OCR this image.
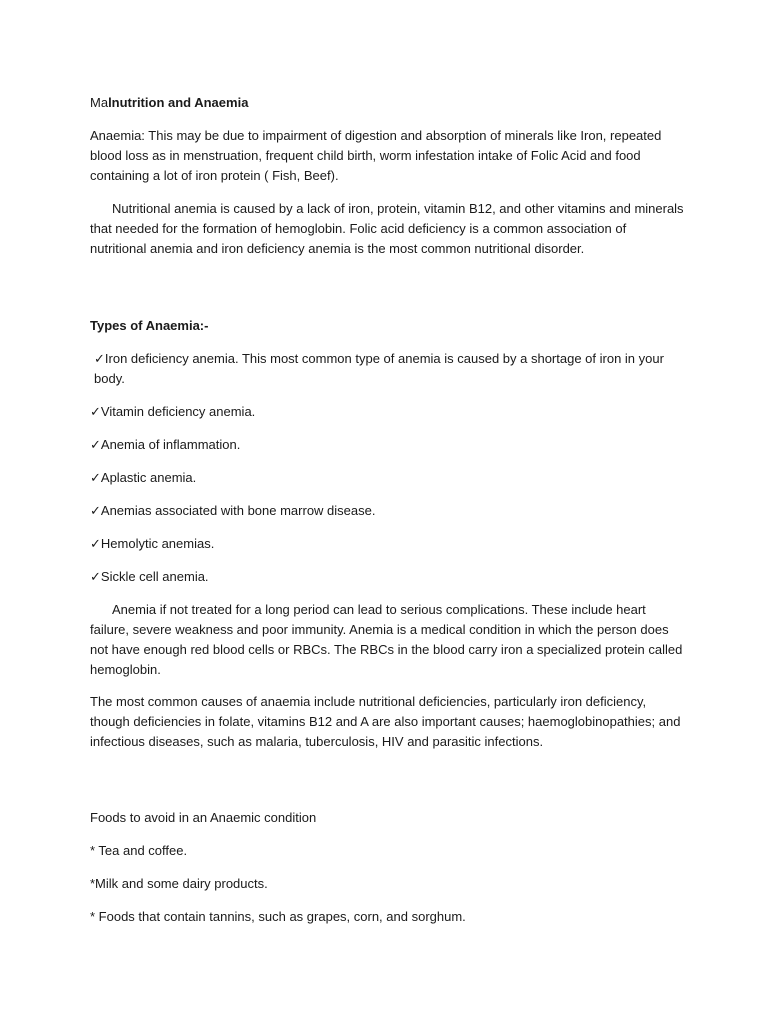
Malnutrition and Anaemia

Anaemia: This may be due to impairment of digestion and absorption of minerals like Iron, repeated blood loss as in menstruation, frequent child birth, worm infestation intake of Folic Acid and food containing a lot of iron protein ( Fish, Beef).

Nutritional anemia is caused by a lack of iron, protein, vitamin B12, and other vitamins and minerals that needed for the formation of hemoglobin. Folic acid deficiency is a common association of nutritional anemia and iron deficiency anemia is the most common nutritional disorder.

Types of Anaemia:-

✓Iron deficiency anemia. This most common type of anemia is caused by a shortage of iron in your body.

✓Vitamin deficiency anemia.

✓Anemia of inflammation.

✓Aplastic anemia.

✓Anemias associated with bone marrow disease.

✓Hemolytic anemias.

✓Sickle cell anemia.

Anemia if not treated for a long period can lead to serious complications. These include heart failure, severe weakness and poor immunity. Anemia is a medical condition in which the person does not have enough red blood cells or RBCs. The RBCs in the blood carry iron a specialized protein called hemoglobin.

The most common causes of anaemia include nutritional deficiencies, particularly iron deficiency, though deficiencies in folate, vitamins B12 and A are also important causes; haemoglobinopathies; and infectious diseases, such as malaria, tuberculosis, HIV and parasitic infections.

Foods to avoid in an Anaemic condition

* Tea and coffee.

*Milk and some dairy products.

* Foods that contain tannins, such as grapes, corn, and sorghum.
